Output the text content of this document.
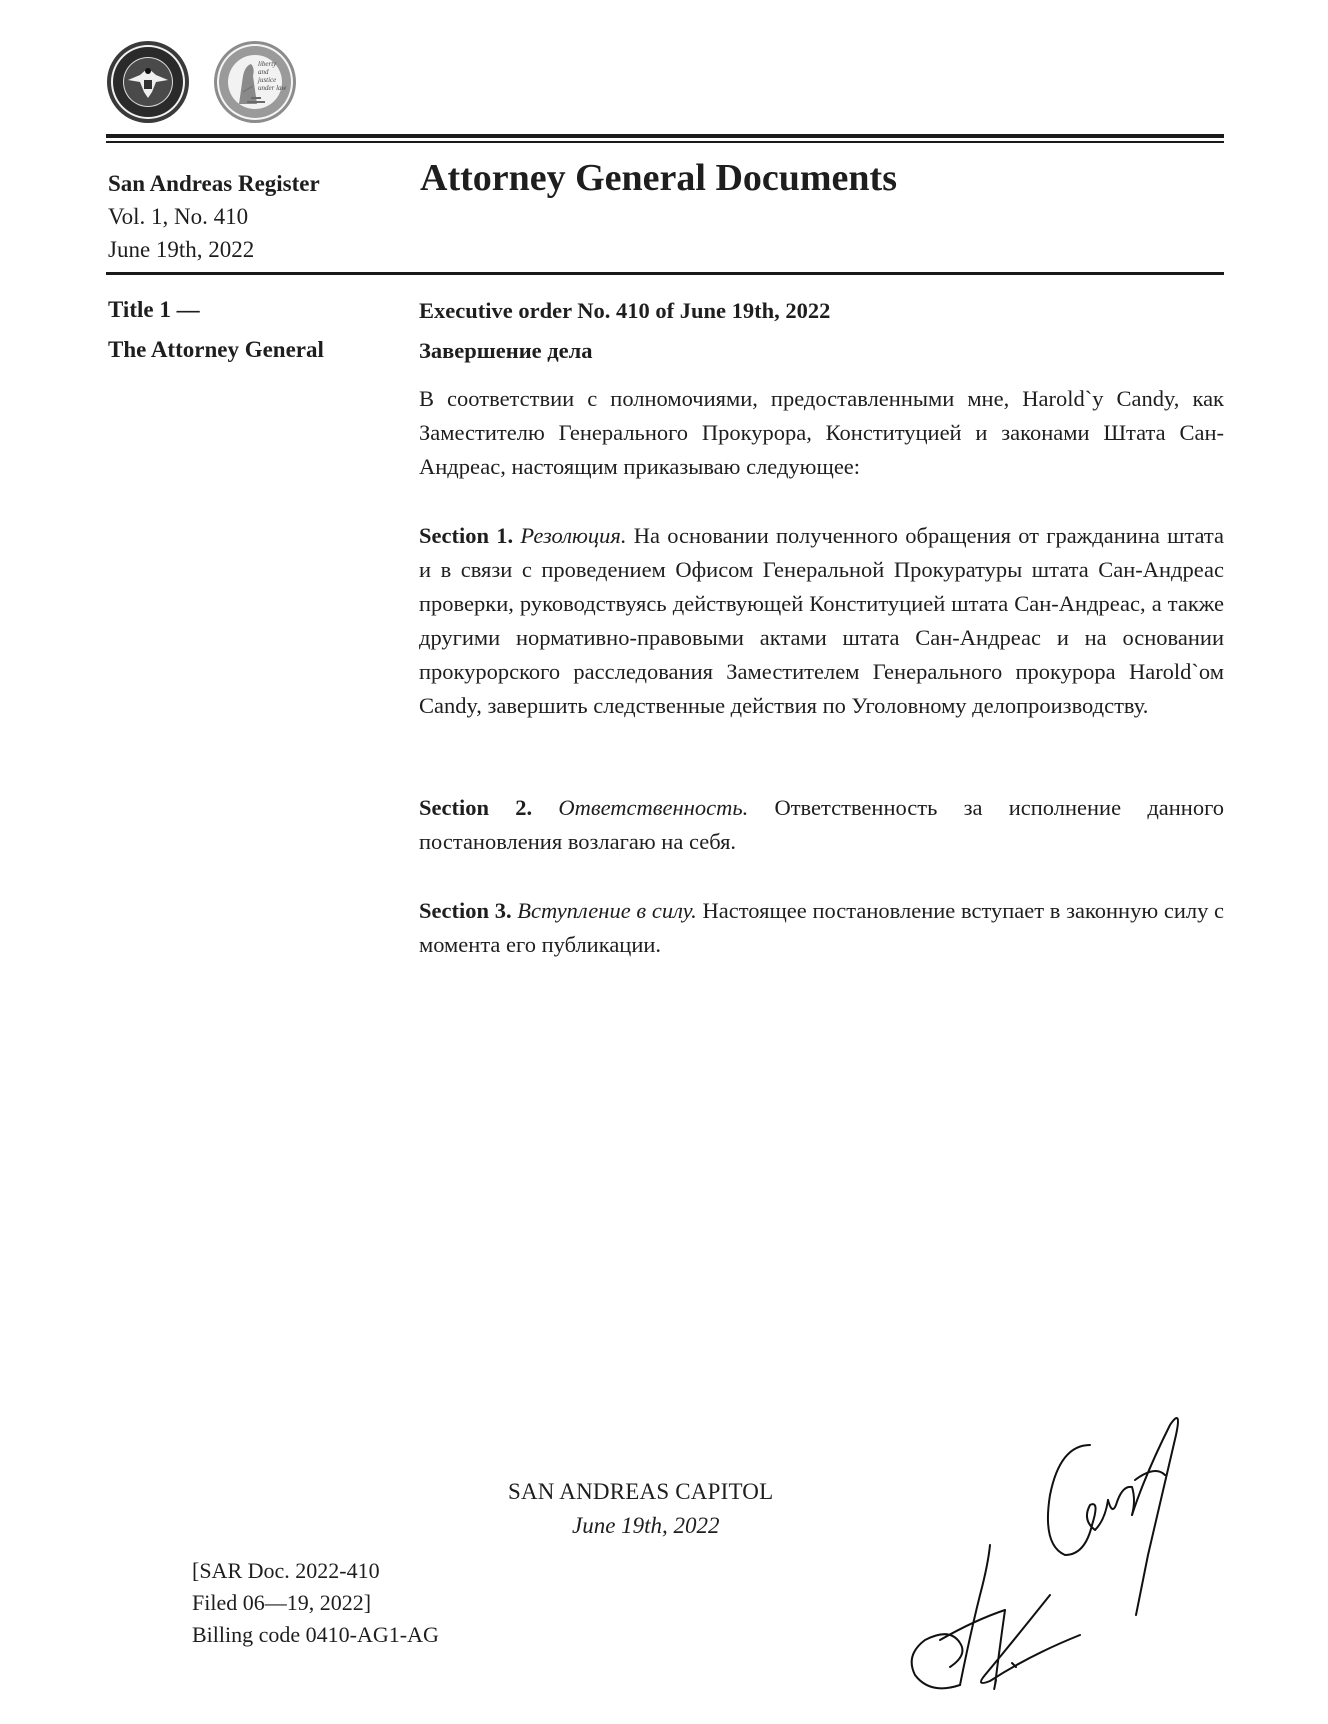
liberty and justice under law
San Andreas Register
Vol. 1, No. 410
June 19th, 2022
Attorney General Documents
Title 1 —
The Attorney General
Executive order No. 410 of June 19th, 2022
Завершение дела
В соответствии с полномочиями, предоставленными мне, Harold`y Candy, как Заместителю Генерального Прокурора, Конституцией и законами Штата Сан-Андреас, настоящим приказываю следующее:
Section 1. Резолюция. На основании полученного обращения от гражданина штата и в связи с проведением Офисом Генеральной Прокуратуры штата Сан-Андреас проверки, руководствуясь действующей Конституцией штата Сан-Андреас, а также другими нормативно-правовыми актами штата Сан-Андреас и на основании прокурорского расследования Заместителем Генерального прокурора Harold`ом Candy, завершить следственные действия по Уголовному делопроизводству.
Section 2. Ответственность. Ответственность за исполнение данного постановления возлагаю на себя.
Section 3. Вступление в силу. Настоящее постановление вступает в законную силу с момента его публикации.
SAN ANDREAS CAPITOL
June 19th, 2022
[SAR Doc. 2022-410
Filed 06—19, 2022]
Billing code 0410-AG1-AG
